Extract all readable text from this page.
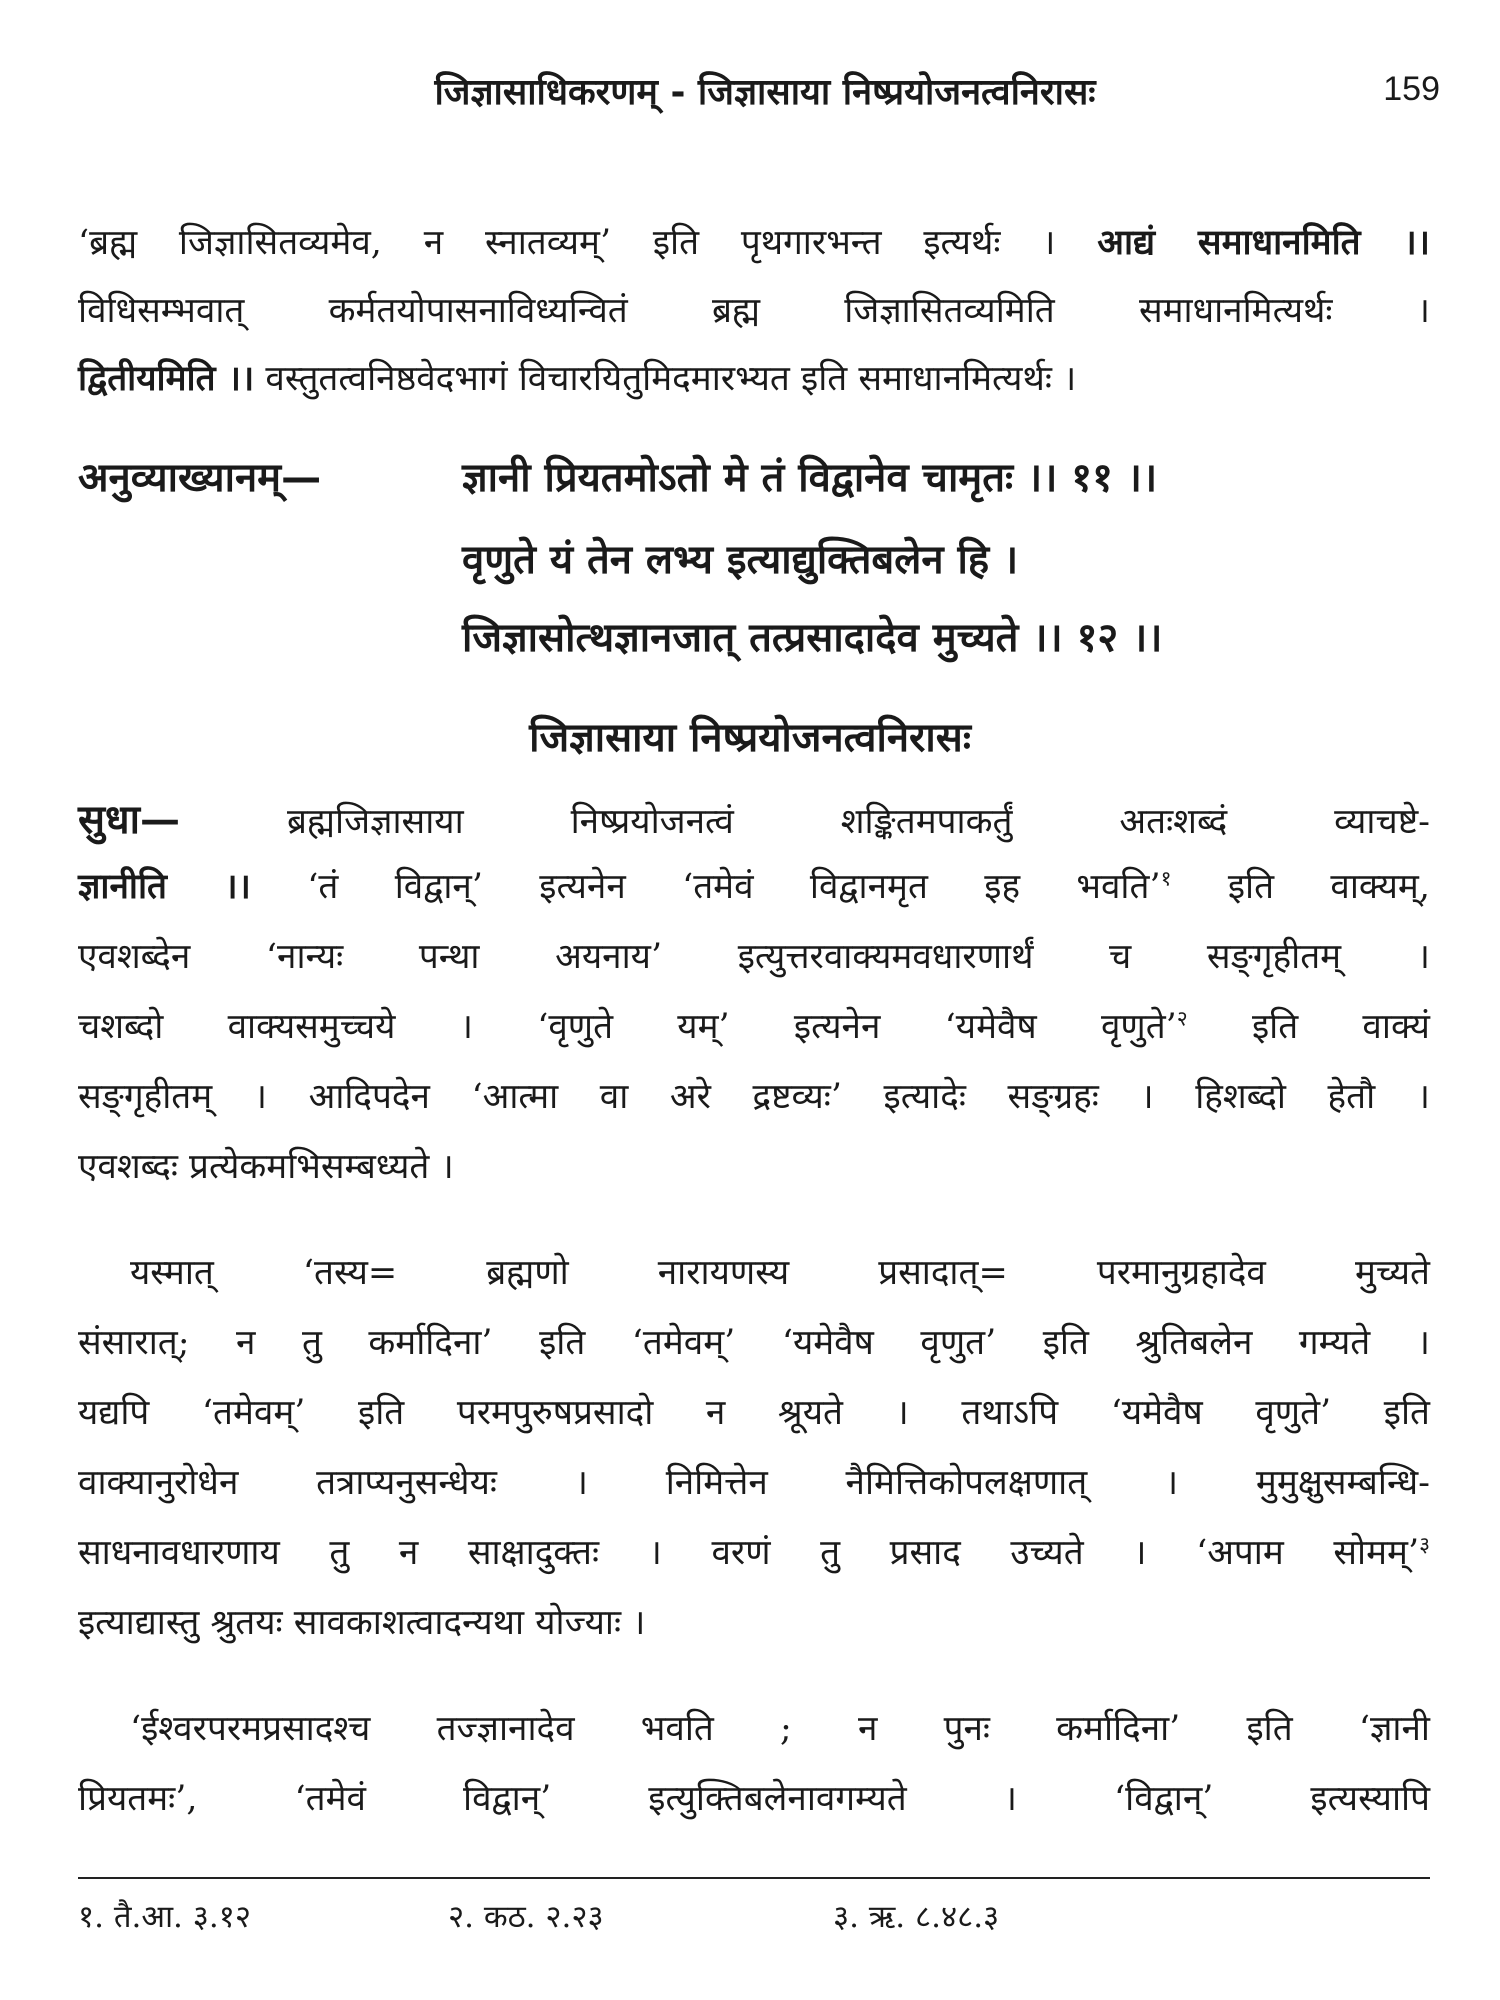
जिज्ञासाधिकरणम् - जिज्ञासाया निष्प्रयोजनत्वनिरासः	159
‘ब्रह्म जिज्ञासितव्यमेव, न स्नातव्यम्’ इति पृथगारभन्त इत्यर्थः । आद्यं समाधानमिति ।।
विधिसम्भवात् कर्मतयोपासनाविध्यन्वितं ब्रह्म जिज्ञासितव्यमिति समाधानमित्यर्थः ।
द्वितीयमिति ।। वस्तुतत्वनिष्ठवेदभागं विचारयितुमिदमारभ्यत इति समाधानमित्यर्थः ।
अनुव्याख्यानम्—	ज्ञानी प्रियतमोऽतो मे तं विद्वानेव चामृतः ।। ११ ।।
वृणुते यं तेन लभ्य इत्याद्युक्तिबलेन हि ।
जिज्ञासोत्थज्ञानजात् तत्प्रसादादेव मुच्यते ।। १२ ।।
जिज्ञासाया निष्प्रयोजनत्वनिरासः
सुधा—	ब्रह्मजिज्ञासाया निष्प्रयोजनत्वं शङ्कितमपाकर्तुं अतःशब्दं व्याचष्टे-
ज्ञानीति ।। ‘तं विद्वान्’ इत्यनेन ‘तमेवं विद्वानमृत इह भवति’$^१$ इति वाक्यम्,
एवशब्देन ‘नान्यः पन्था अयनाय’ इत्युत्तरवाक्यमवधारणार्थं च सङ्गृहीतम् ।
चशब्दो वाक्यसमुच्चये । ‘वृणुते यम्’ इत्यनेन ‘यमेवैष वृणुते’$^२$ इति वाक्यं
सङ्गृहीतम् । आदिपदेन ‘आत्मा वा अरे द्रष्टव्यः’ इत्यादेः सङ्ग्रहः । हिशब्दो हेतौ ।
एवशब्दः प्रत्येकमभिसम्बध्यते ।
यस्मात् ‘तस्य= ब्रह्मणो नारायणस्य प्रसादात्= परमानुग्रहादेव मुच्यते
संसारात्; न तु कर्मादिना’ इति ‘तमेवम्’ ‘यमेवैष वृणुत’ इति श्रुतिबलेन गम्यते ।
यद्यपि ‘तमेवम्’ इति परमपुरुषप्रसादो न श्रूयते । तथाऽपि ‘यमेवैष वृणुते’ इति
वाक्यानुरोधेन तत्राप्यनुसन्धेयः । निमित्तेन नैमित्तिकोपलक्षणात् । मुमुक्षुसम्बन्धि-
साधनावधारणाय तु न साक्षादुक्तः । वरणं तु प्रसाद उच्यते । ‘अपाम सोमम्’$^३$
इत्याद्यास्तु श्रुतयः सावकाशत्वादन्यथा योज्याः ।
‘ईश्वरपरमप्रसादश्च तज्ज्ञानादेव भवति ; न पुनः कर्मादिना’ इति ‘ज्ञानी
प्रियतमः’, ‘तमेवं विद्वान्’ इत्युक्तिबलेनावगम्यते । ‘विद्वान्’ इत्यस्यापि
१. तै.आ. ३.१२	२. कठ. २.२३	३. ऋ. ८.४८.३
